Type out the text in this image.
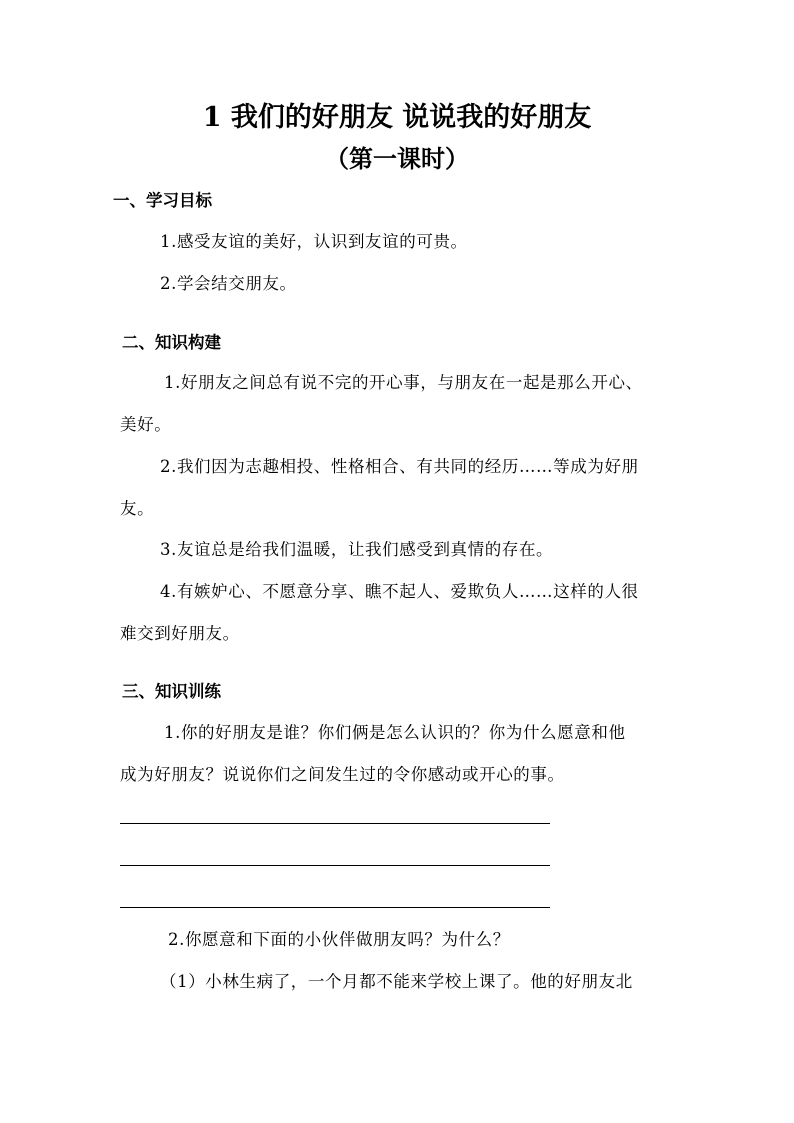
1 我们的好朋友 说说我的好朋友
（第一课时）
一、学习目标
1.感受友谊的美好，认识到友谊的可贵。
2.学会结交朋友。
二、知识构建
1.好朋友之间总有说不完的开心事，与朋友在一起是那么开心、
美好。
2.我们因为志趣相投、性格相合、有共同的经历……等成为好朋
友。
3.友谊总是给我们温暖，让我们感受到真情的存在。
4.有嫉妒心、不愿意分享、瞧不起人、爱欺负人……这样的人很
难交到好朋友。
三、知识训练
1.你的好朋友是谁？你们俩是怎么认识的？你为什么愿意和他
成为好朋友？说说你们之间发生过的令你感动或开心的事。
2.你愿意和下面的小伙伴做朋友吗？为什么？
（1）小林生病了，一个月都不能来学校上课了。他的好朋友北
